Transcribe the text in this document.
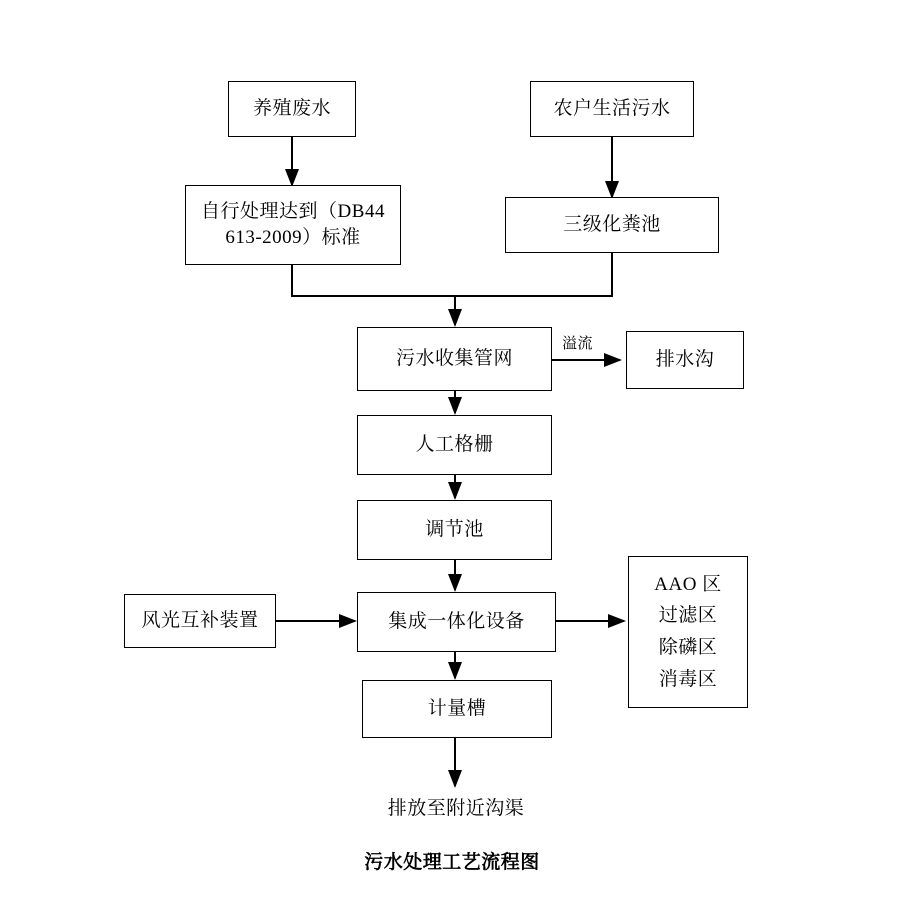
养殖废水	农户生活污水
自行处理达到（DB44
613-2009）标准
三级化粪池
污水收集管网
溢流
排水沟
人工格栅
调节池
风光互补装置	集成一体化设备
AAO 区
过滤区
除磷区
消毒区
计量槽
排放至附近沟渠
污水处理工艺流程图
